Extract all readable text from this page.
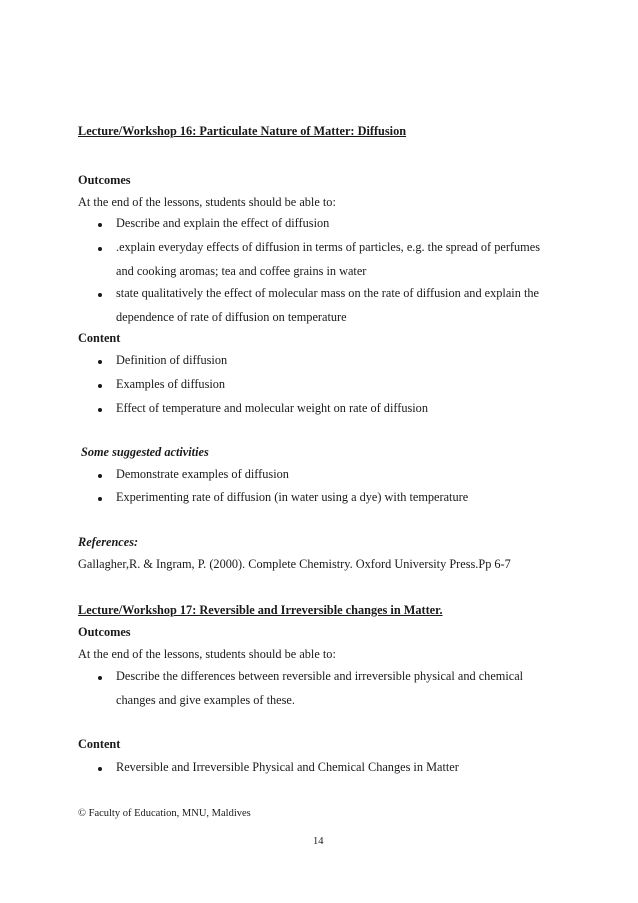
Lecture/Workshop 16: Particulate Nature of Matter: Diffusion
Outcomes
At the end of the lessons, students should be able to:
Describe and explain the effect of diffusion
.explain everyday effects of diffusion in terms of particles, e.g. the spread of perfumes
and cooking aromas; tea and coffee grains in water
state qualitatively the effect of molecular mass on the rate of diffusion and explain the
dependence of rate of diffusion on temperature
Content
Definition of diffusion
Examples of diffusion
Effect of temperature and molecular weight on rate of diffusion
Some suggested activities
Demonstrate examples of diffusion
Experimenting rate of diffusion (in water using a dye) with temperature
References:
Gallagher,R. & Ingram, P. (2000). Complete Chemistry. Oxford University Press.Pp 6-7
Lecture/Workshop 17: Reversible and Irreversible changes in Matter.
Outcomes
At the end of the lessons, students should be able to:
Describe the differences between reversible and irreversible physical and chemical
changes and give examples of these.
Content
Reversible and Irreversible Physical and Chemical Changes in Matter
© Faculty of Education, MNU, Maldives
14
